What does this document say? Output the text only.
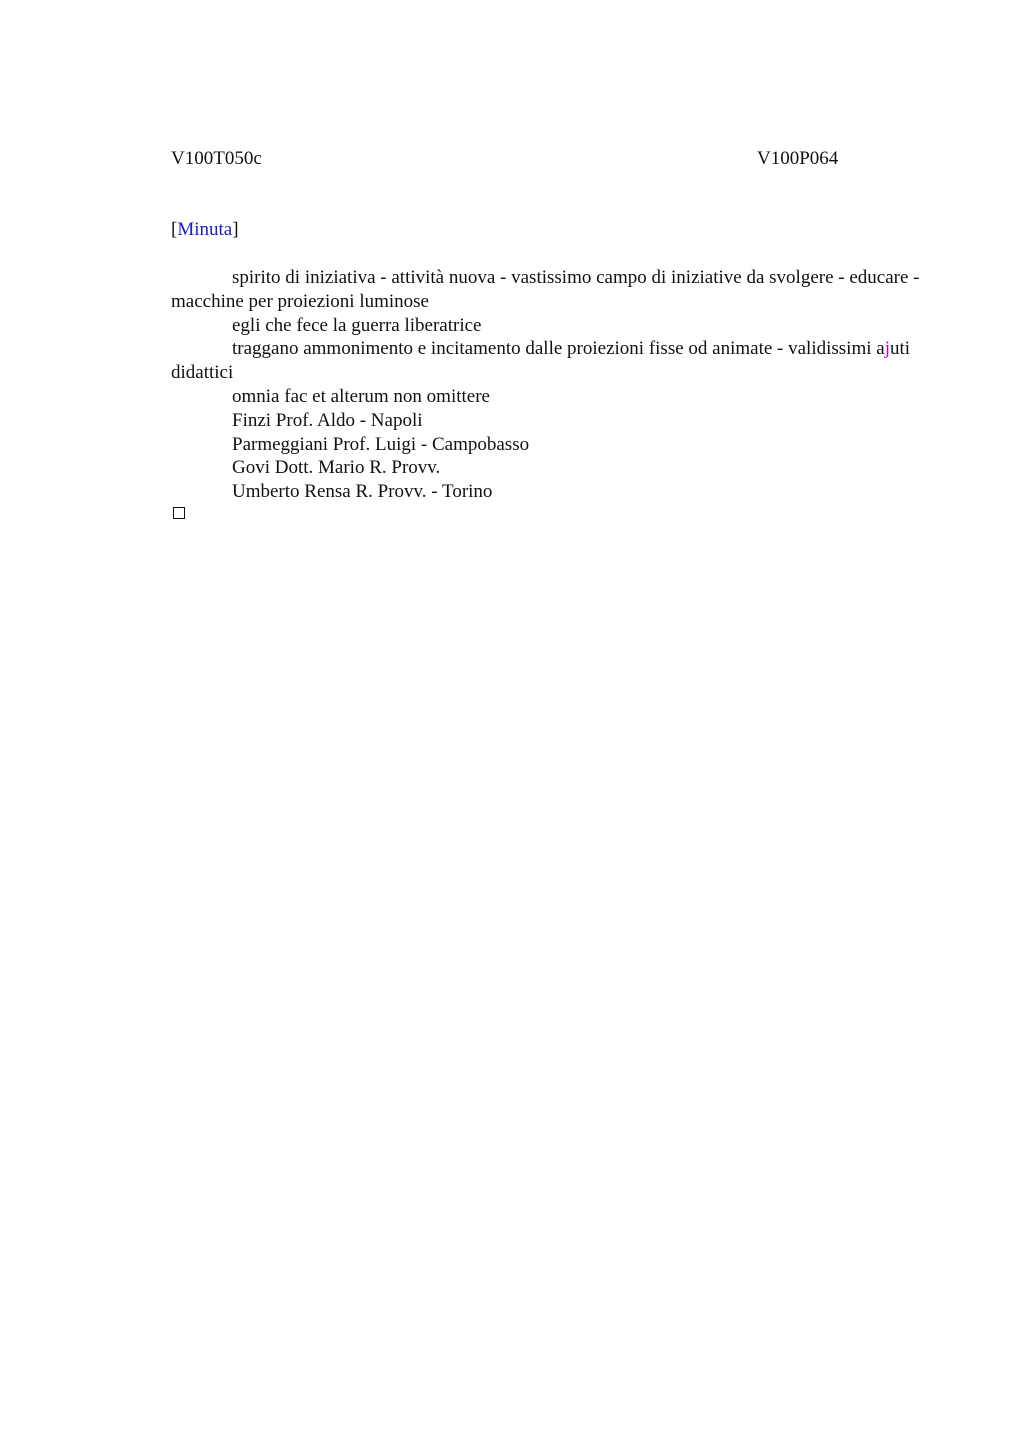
V100T050c	V100P064
[Minuta]

spirito di iniziativa - attività nuova - vastissimo campo di iniziative da svolgere - educare - macchine per proiezioni luminose

egli che fece la guerra liberatrice

traggano ammonimento e incitamento dalle proiezioni fisse od animate - validissimi ajuti didattici

omnia fac et alterum non omittere

Finzi Prof. Aldo - Napoli

Parmeggiani Prof. Luigi - Campobasso

Govi Dott. Mario R. Provv.

Umberto Rensa R. Provv. - Torino
